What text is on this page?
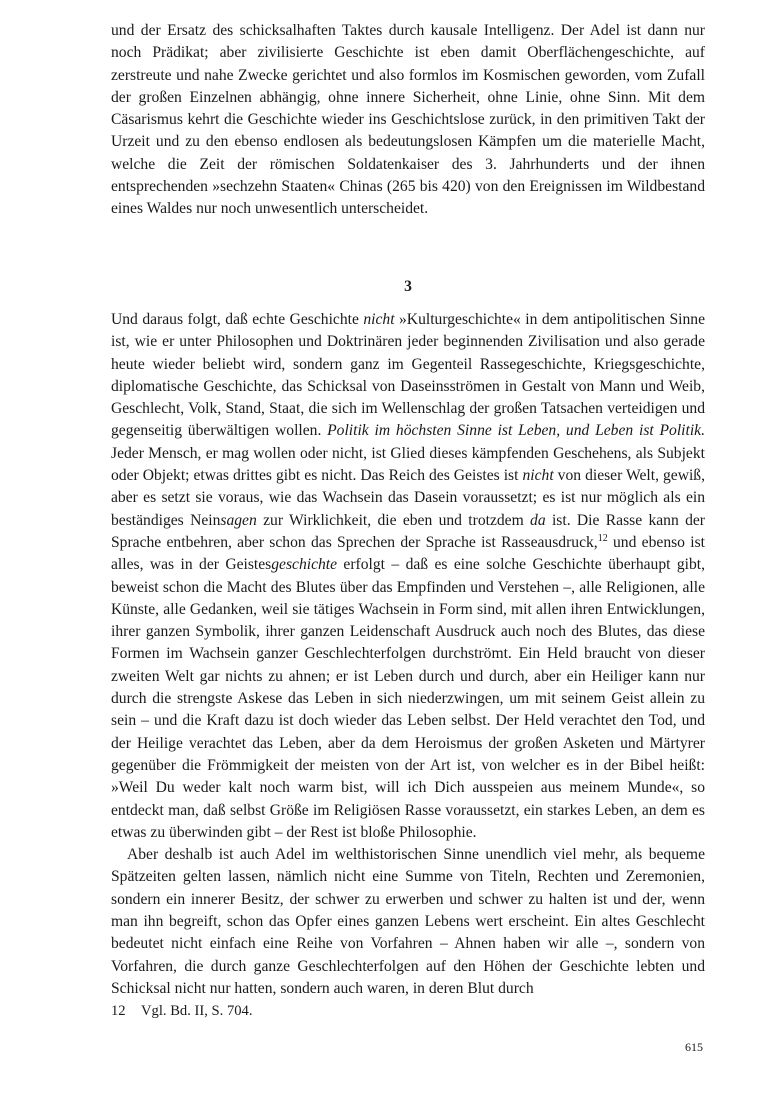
und der Ersatz des schicksalhaften Taktes durch kausale Intelligenz. Der Adel ist dann nur noch Prädikat; aber zivilisierte Geschichte ist eben damit Oberflächengeschichte, auf zerstreute und nahe Zwecke gerichtet und also formlos im Kosmischen geworden, vom Zufall der großen Einzelnen abhängig, ohne innere Sicherheit, ohne Linie, ohne Sinn. Mit dem Cäsarismus kehrt die Geschichte wieder ins Geschichtslose zurück, in den primitiven Takt der Urzeit und zu den ebenso endlosen als bedeutungslosen Kämpfen um die materielle Macht, welche die Zeit der römischen Soldatenkaiser des 3. Jahrhunderts und der ihnen entsprechenden »sechzehn Staaten« Chinas (265 bis 420) von den Ereignissen im Wildbestand eines Waldes nur noch unwesentlich unterscheidet.

3

Und daraus folgt, daß echte Geschichte nicht »Kulturgeschichte« in dem antipolitischen Sinne ist, wie er unter Philosophen und Doktrinären jeder beginnenden Zivilisation und also gerade heute wieder beliebt wird, sondern ganz im Gegenteil Rassegeschichte, Kriegsgeschichte, diplomatische Geschichte, das Schicksal von Daseinsströmen in Gestalt von Mann und Weib, Geschlecht, Volk, Stand, Staat, die sich im Wellenschlag der großen Tatsachen verteidigen und gegenseitig überwältigen wollen. Politik im höchsten Sinne ist Leben, und Leben ist Politik. Jeder Mensch, er mag wollen oder nicht, ist Glied dieses kämpfenden Geschehens, als Subjekt oder Objekt; etwas drittes gibt es nicht. Das Reich des Geistes ist nicht von dieser Welt, gewiß, aber es setzt sie voraus, wie das Wachsein das Dasein voraussetzt; es ist nur möglich als ein beständiges Neinsagen zur Wirklichkeit, die eben und trotzdem da ist. Die Rasse kann der Sprache entbehren, aber schon das Sprechen der Sprache ist Rasseausdruck,$^{12}$ und ebenso ist alles, was in der Geistesgeschichte erfolgt – daß es eine solche Geschichte überhaupt gibt, beweist schon die Macht des Blutes über das Empfinden und Verstehen –, alle Religionen, alle Künste, alle Gedanken, weil sie tätiges Wachsein in Form sind, mit allen ihren Entwicklungen, ihrer ganzen Symbolik, ihrer ganzen Leidenschaft Ausdruck auch noch des Blutes, das diese Formen im Wachsein ganzer Geschlechterfolgen durchströmt. Ein Held braucht von dieser zweiten Welt gar nichts zu ahnen; er ist Leben durch und durch, aber ein Heiliger kann nur durch die strengste Askese das Leben in sich niederzwingen, um mit seinem Geist allein zu sein – und die Kraft dazu ist doch wieder das Leben selbst. Der Held verachtet den Tod, und der Heilige verachtet das Leben, aber da dem Heroismus der großen Asketen und Märtyrer gegenüber die Frömmigkeit der meisten von der Art ist, von welcher es in der Bibel heißt: »Weil Du weder kalt noch warm bist, will ich Dich ausspeien aus meinem Munde«, so entdeckt man, daß selbst Größe im Religiösen Rasse voraussetzt, ein starkes Leben, an dem es etwas zu überwinden gibt – der Rest ist bloße Philosophie.

Aber deshalb ist auch Adel im welthistorischen Sinne unendlich viel mehr, als bequeme Spätzeiten gelten lassen, nämlich nicht eine Summe von Titeln, Rechten und Zeremonien, sondern ein innerer Besitz, der schwer zu erwerben und schwer zu halten ist und der, wenn man ihn begreift, schon das Opfer eines ganzen Lebens wert erscheint. Ein altes Geschlecht bedeutet nicht einfach eine Reihe von Vorfahren – Ahnen haben wir alle –, sondern von Vorfahren, die durch ganze Geschlechterfolgen auf den Höhen der Geschichte lebten und Schicksal nicht nur hatten, sondern auch waren, in deren Blut durch

12 Vgl. Bd. II, S. 704.
615
